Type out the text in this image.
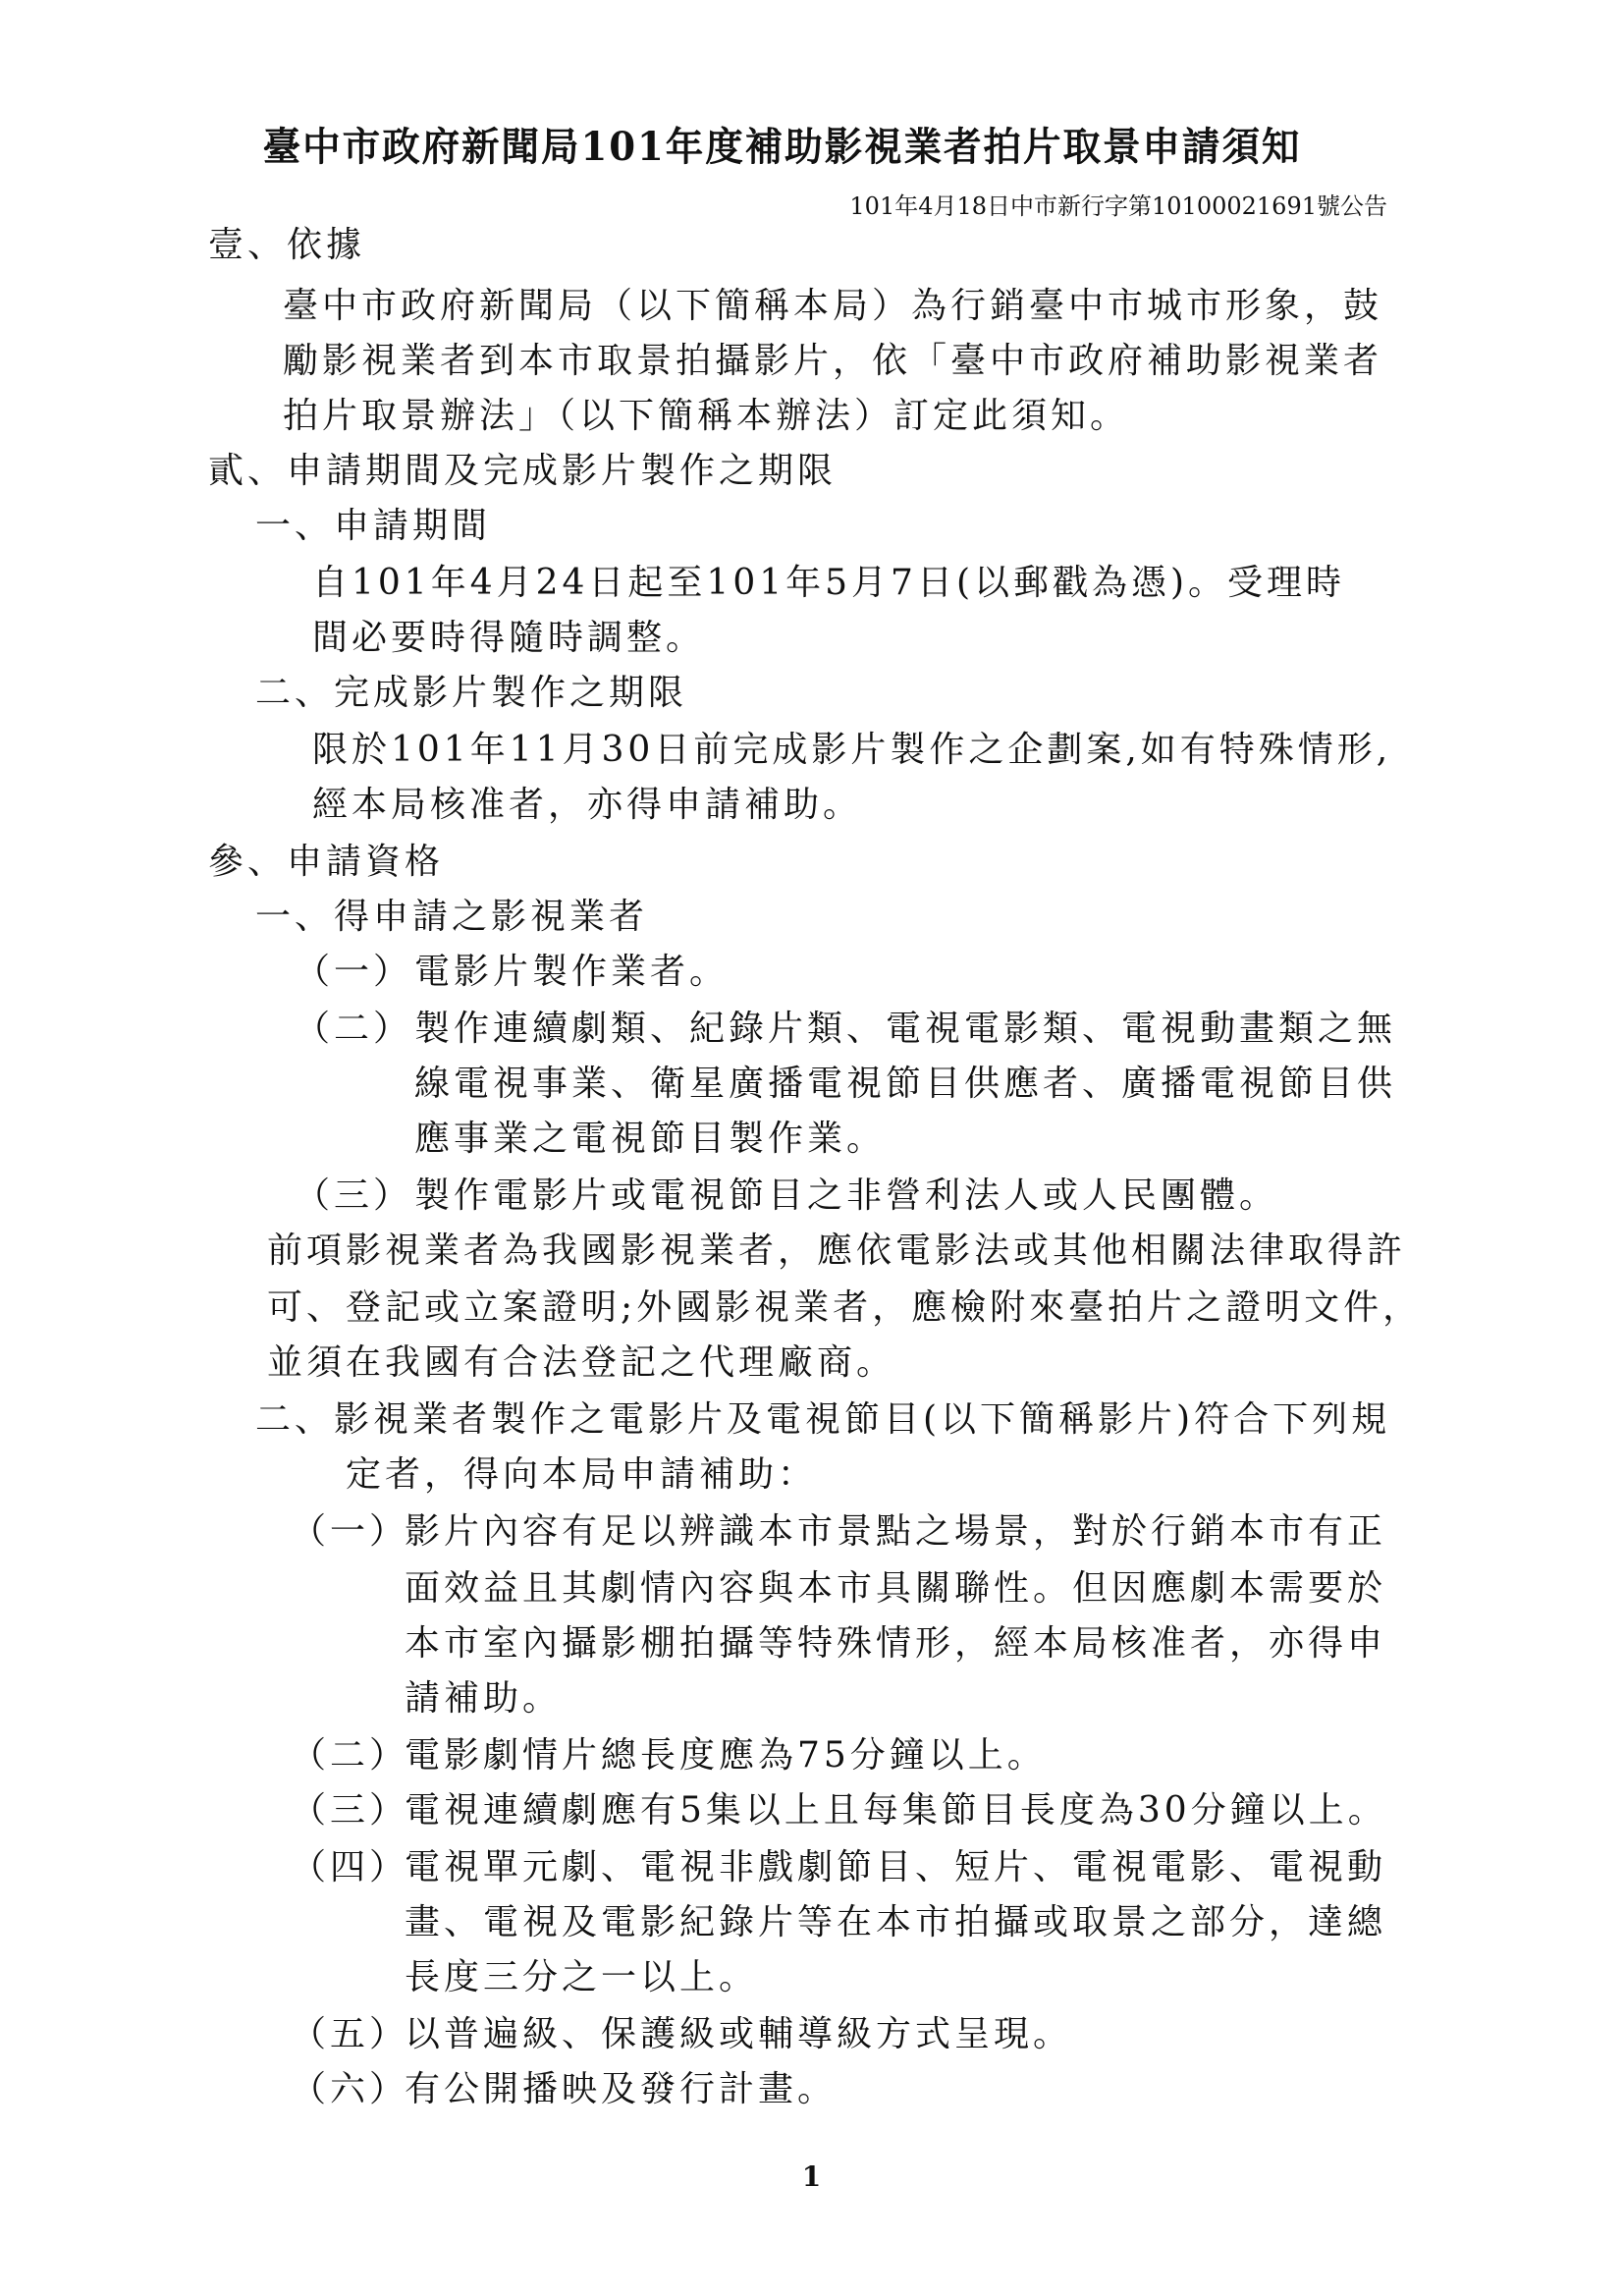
臺中市政府新聞局101年度補助影視業者拍片取景申請須知
101年4月18日中市新行字第10100021691號公告
壹、依據
臺中市政府新聞局（以下簡稱本局）為行銷臺中市城市形象，鼓
勵影視業者到本市取景拍攝影片，依「臺中市政府補助影視業者
拍片取景辦法」（以下簡稱本辦法）訂定此須知。
貳、申請期間及完成影片製作之期限
一、申請期間
自101年4月24日起至101年5月7日(以郵戳為憑)。受理時
間必要時得隨時調整。
二、完成影片製作之期限
限於101年11月30日前完成影片製作之企劃案,如有特殊情形,
經本局核准者，亦得申請補助。
參、申請資格
一、得申請之影視業者
（一） 電影片製作業者。
（二） 製作連續劇類、紀錄片類、電視電影類、電視動畫類之無
線電視事業、衛星廣播電視節目供應者、廣播電視節目供
應事業之電視節目製作業。
（三） 製作電影片或電視節目之非營利法人或人民團體。
前項影視業者為我國影視業者，應依電影法或其他相關法律取得許
可、登記或立案證明;外國影視業者，應檢附來臺拍片之證明文件，
並須在我國有合法登記之代理廠商。
二、影視業者製作之電影片及電視節目(以下簡稱影片)符合下列規
定者，得向本局申請補助：
（一）
影片內容有足以辨識本市景點之場景，對於行銷本市有正
面效益且其劇情內容與本市具關聯性。但因應劇本需要於
本市室內攝影棚拍攝等特殊情形，經本局核准者，亦得申
請補助。
（二）
電影劇情片總長度應為75分鐘以上。
（三）
電視連續劇應有5集以上且每集節目長度為30分鐘以上。
（四）
電視單元劇、電視非戲劇節目、短片、電視電影、電視動
畫、電視及電影紀錄片等在本市拍攝或取景之部分，達總
長度三分之一以上。
（五）
以普遍級、保護級或輔導級方式呈現。
（六）
有公開播映及發行計畫。
1
